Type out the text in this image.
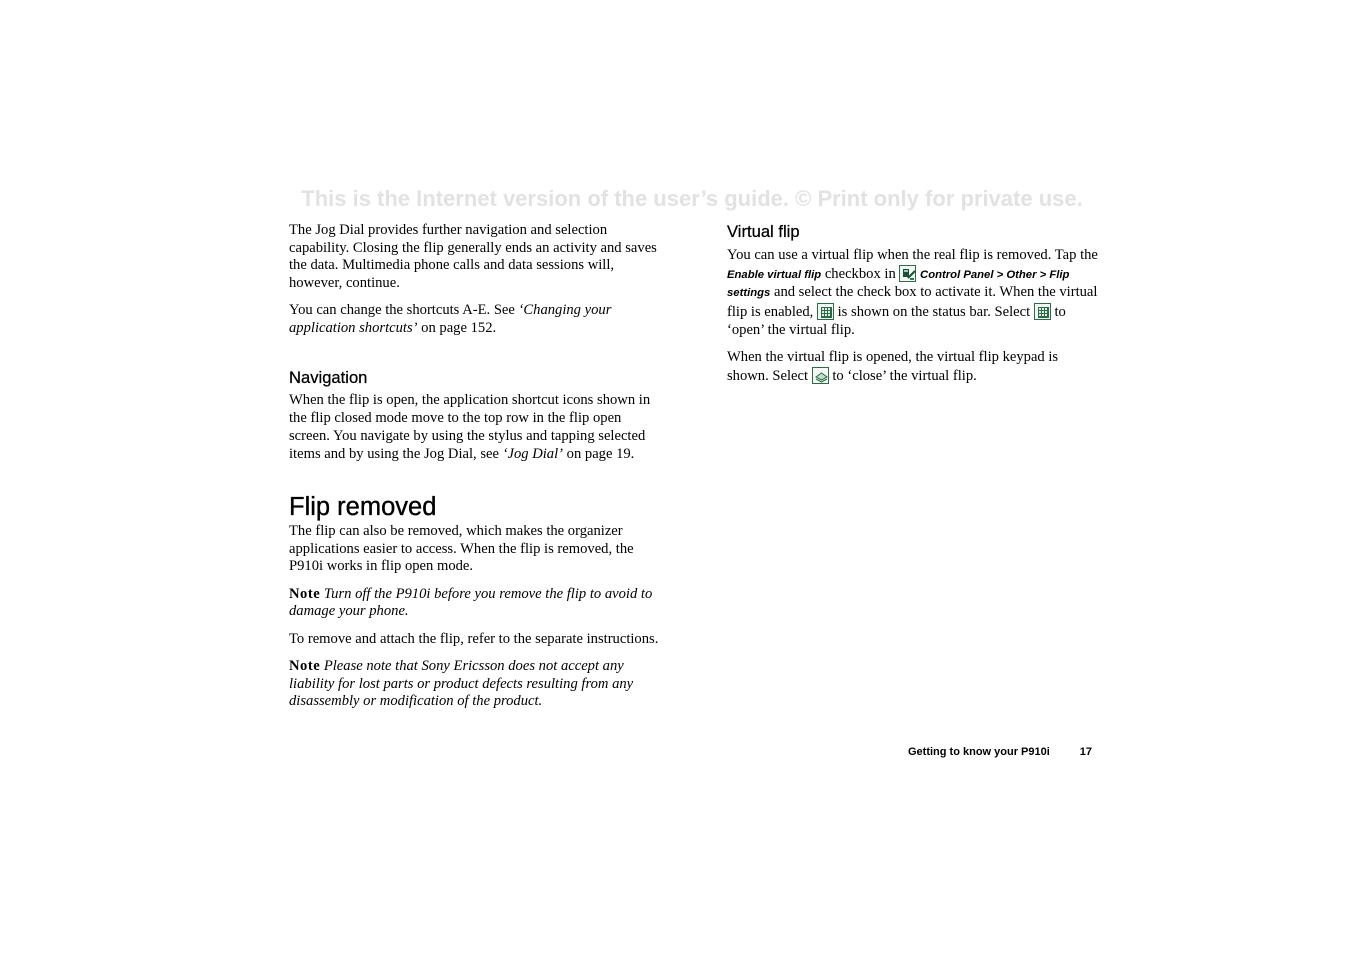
This is the Internet version of the user’s guide. © Print only for private use.

The Jog Dial provides further navigation and selection capability. Closing the flip generally ends an activity and saves the data. Multimedia phone calls and data sessions will, however, continue.

You can change the shortcuts A-E. See ‘Changing your application shortcuts’ on page 152.

Navigation

When the flip is open, the application shortcut icons shown in the flip closed mode move to the top row in the flip open screen. You navigate by using the stylus and tapping selected items and by using the Jog Dial, see ‘Jog Dial’ on page 19.

Flip removed

The flip can also be removed, which makes the organizer applications easier to access. When the flip is removed, the P910i works in flip open mode.

Note Turn off the P910i before you remove the flip to avoid to damage your phone.

To remove and attach the flip, refer to the separate instructions.

Note Please note that Sony Ericsson does not accept any liability for lost parts or product defects resulting from any disassembly or modification of the product.

Virtual flip

You can use a virtual flip when the real flip is removed. Tap the Enable virtual flip checkbox in
Control Panel > Other > Flip settings and select the check box to activate it. When the virtual flip is enabled,
is shown on the status bar. Select
to ‘open’ the virtual flip.

When the virtual flip is opened, the virtual flip keypad is shown. Select
to ‘close’ the virtual flip.

Getting to know your P910i	17
